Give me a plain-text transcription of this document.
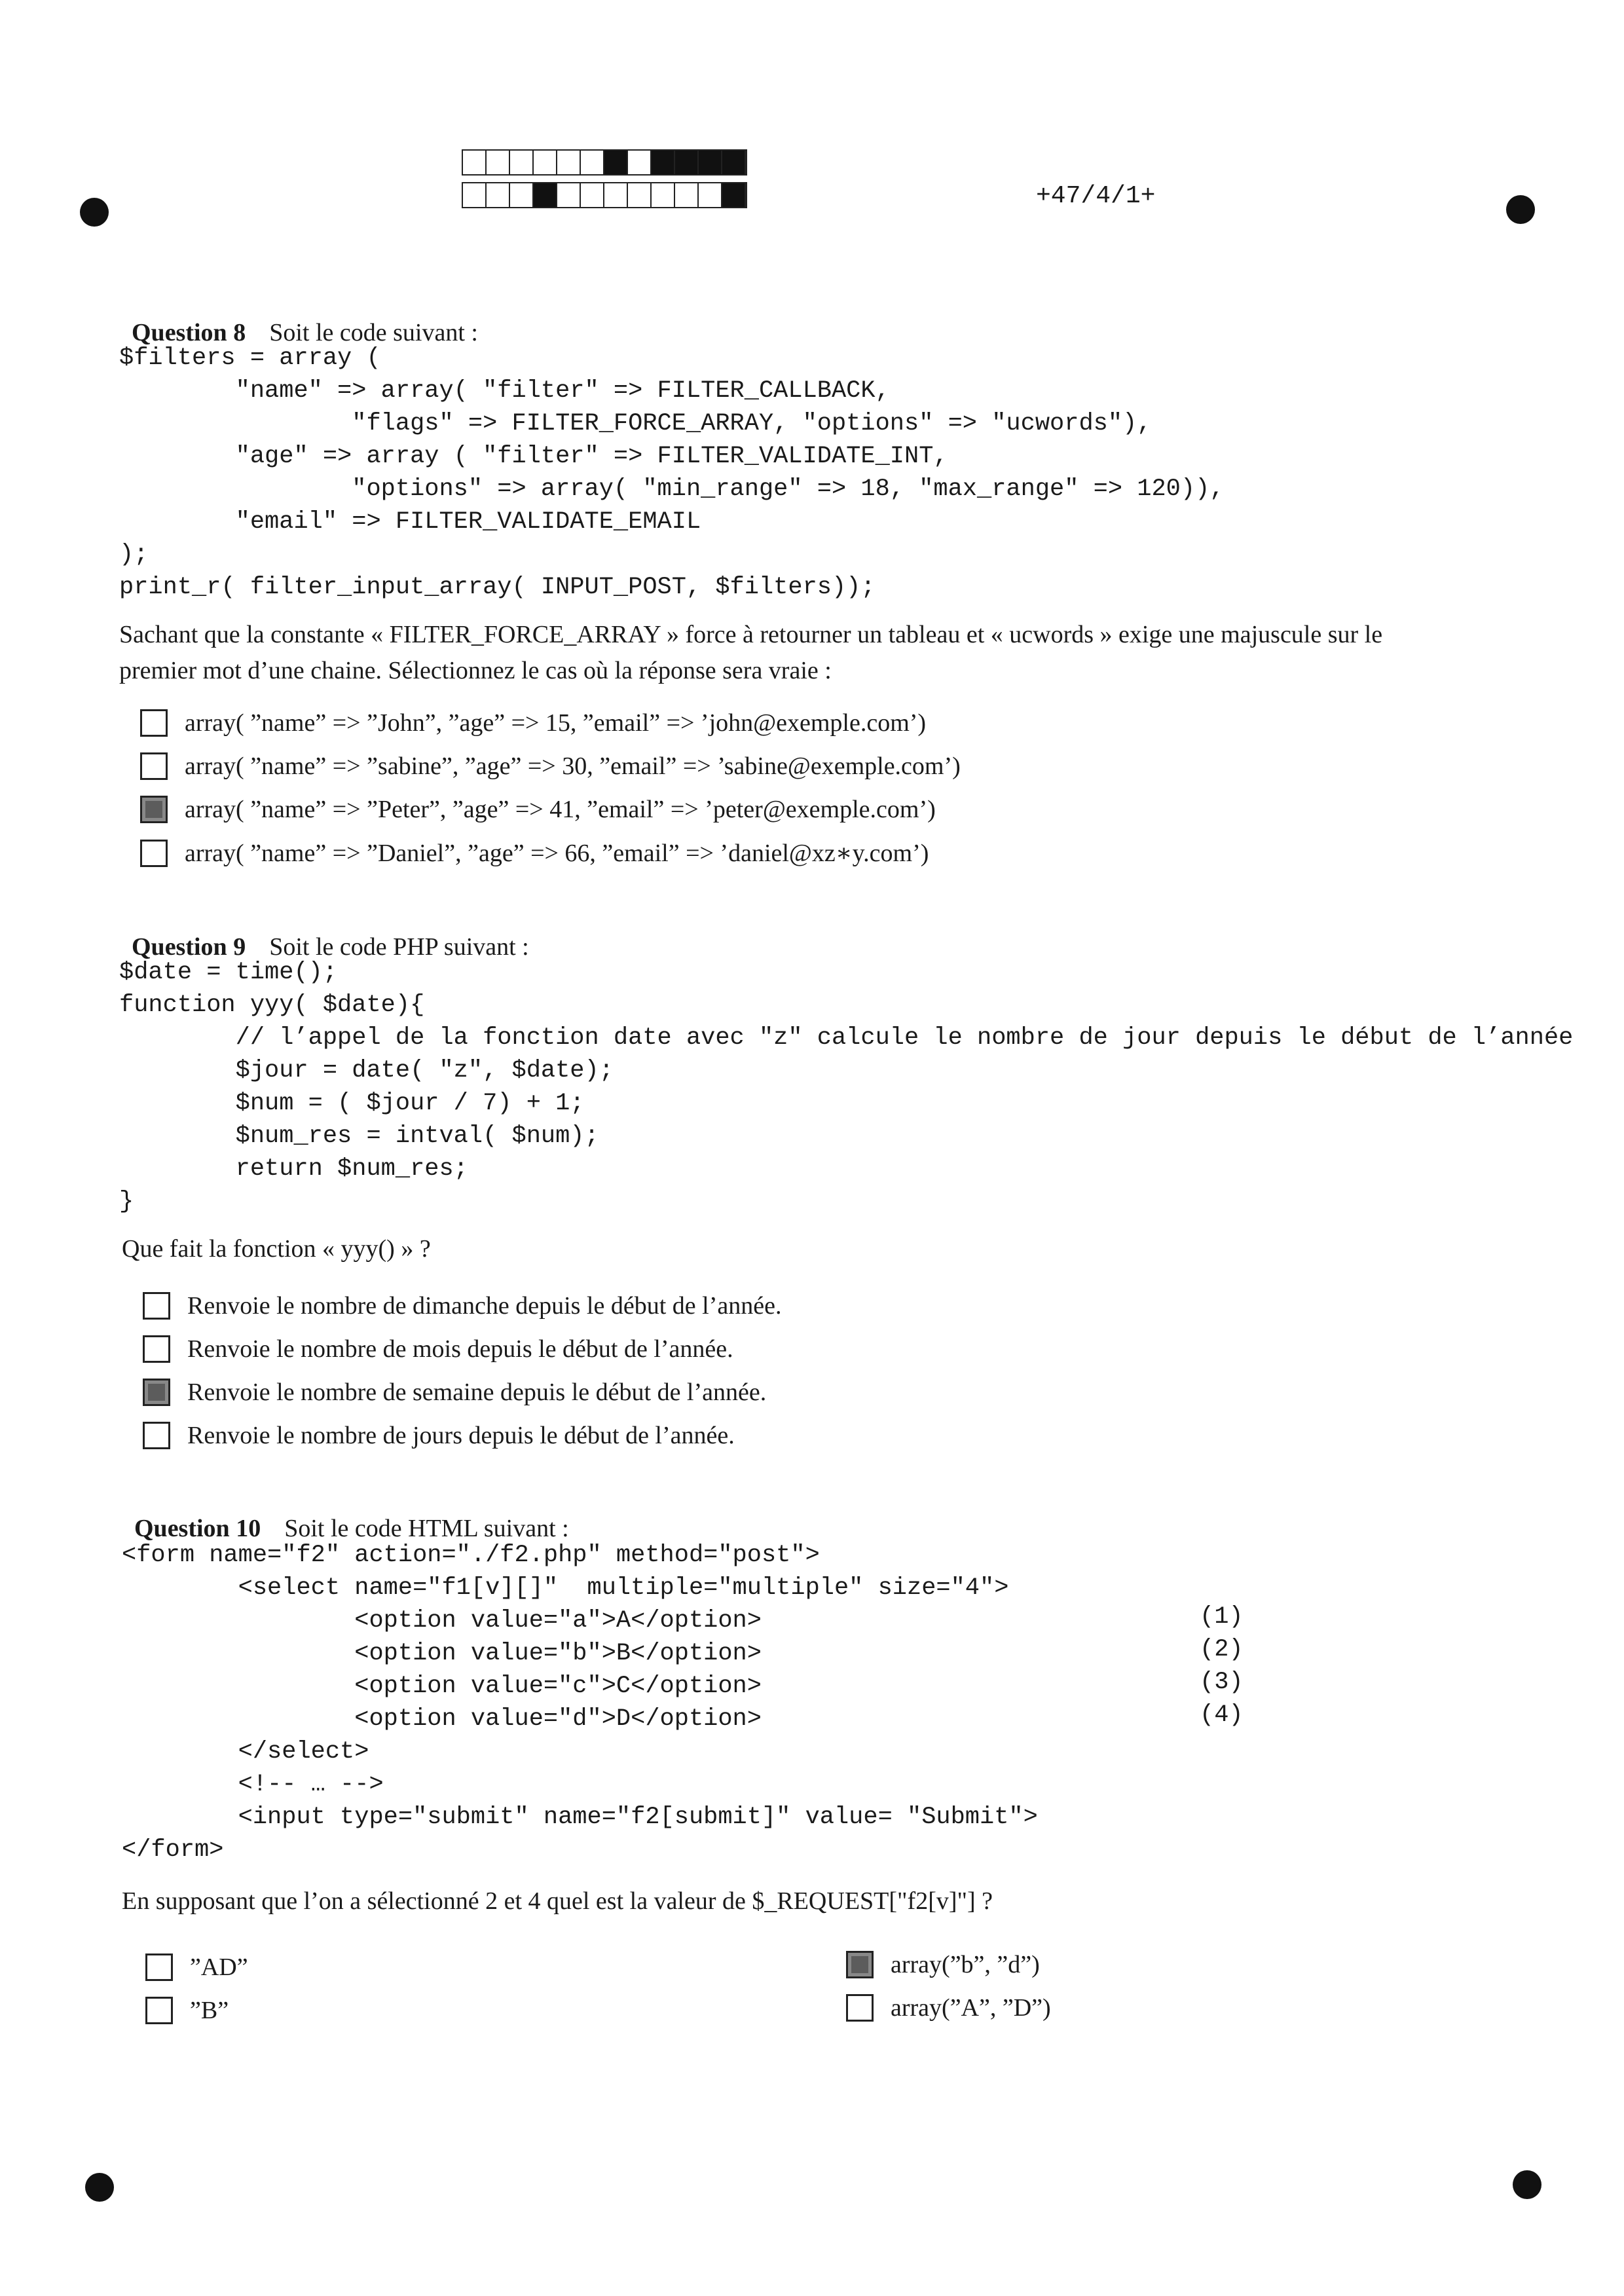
+47/4/1+

Question 8 Soit le code suivant :

$filters = array (
"name" => array( "filter" => FILTER_CALLBACK,
"flags" => FILTER_FORCE_ARRAY, "options" => "ucwords"),
"age" => array ( "filter" => FILTER_VALIDATE_INT,
"options" => array( "min_range" => 18, "max_range" => 120)),
"email" => FILTER_VALIDATE_EMAIL
);
print_r( filter_input_array( INPUT_POST, $filters));
Sachant que la constante « FILTER_FORCE_ARRAY » force à retourner un tableau et « ucwords » exige une majuscule sur le
premier mot d’une chaine. Sélectionnez le cas où la réponse sera vraie :
array( ”name” => ”John”, ”age” => 15, ”email” => ’john@exemple.com’)
array( ”name” => ”sabine”, ”age” => 30, ”email” => ’sabine@exemple.com’)
array( ”name” => ”Peter”, ”age” => 41, ”email” => ’peter@exemple.com’)
array( ”name” => ”Daniel”, ”age” => 66, ”email” => ’daniel@xz∗y.com’)

Question 9 Soit le code PHP suivant :

$date = time();
function yyy( $date){
// l’appel de la fonction date avec "z" calcule le nombre de jour depuis le début de l’année
$jour = date( "z", $date);
$num = ( $jour / 7) + 1;
$num_res = intval( $num);
return $num_res;
}
Que fait la fonction « yyy() » ?
Renvoie le nombre de dimanche depuis le début de l’année.
Renvoie le nombre de mois depuis le début de l’année.
Renvoie le nombre de semaine depuis le début de l’année.
Renvoie le nombre de jours depuis le début de l’année.

Question 10 Soit le code HTML suivant :

<form name="f2" action="./f2.php" method="post">
<select name="f1[v][]"  multiple="multiple" size="4">
<option value="a">A</option>
<option value="b">B</option>
<option value="c">C</option>
<option value="d">D</option>
</select>
<!-- … -->
<input type="submit" name="f2[submit]" value= "Submit">
</form>
(1)
(2)
(3)
(4)
En supposant que l’on a sélectionné 2 et 4 quel est la valeur de $_REQUEST["f2[v]"] ?
”AD”
”B”
array(”b”, ”d”)
array(”A”, ”D”)
